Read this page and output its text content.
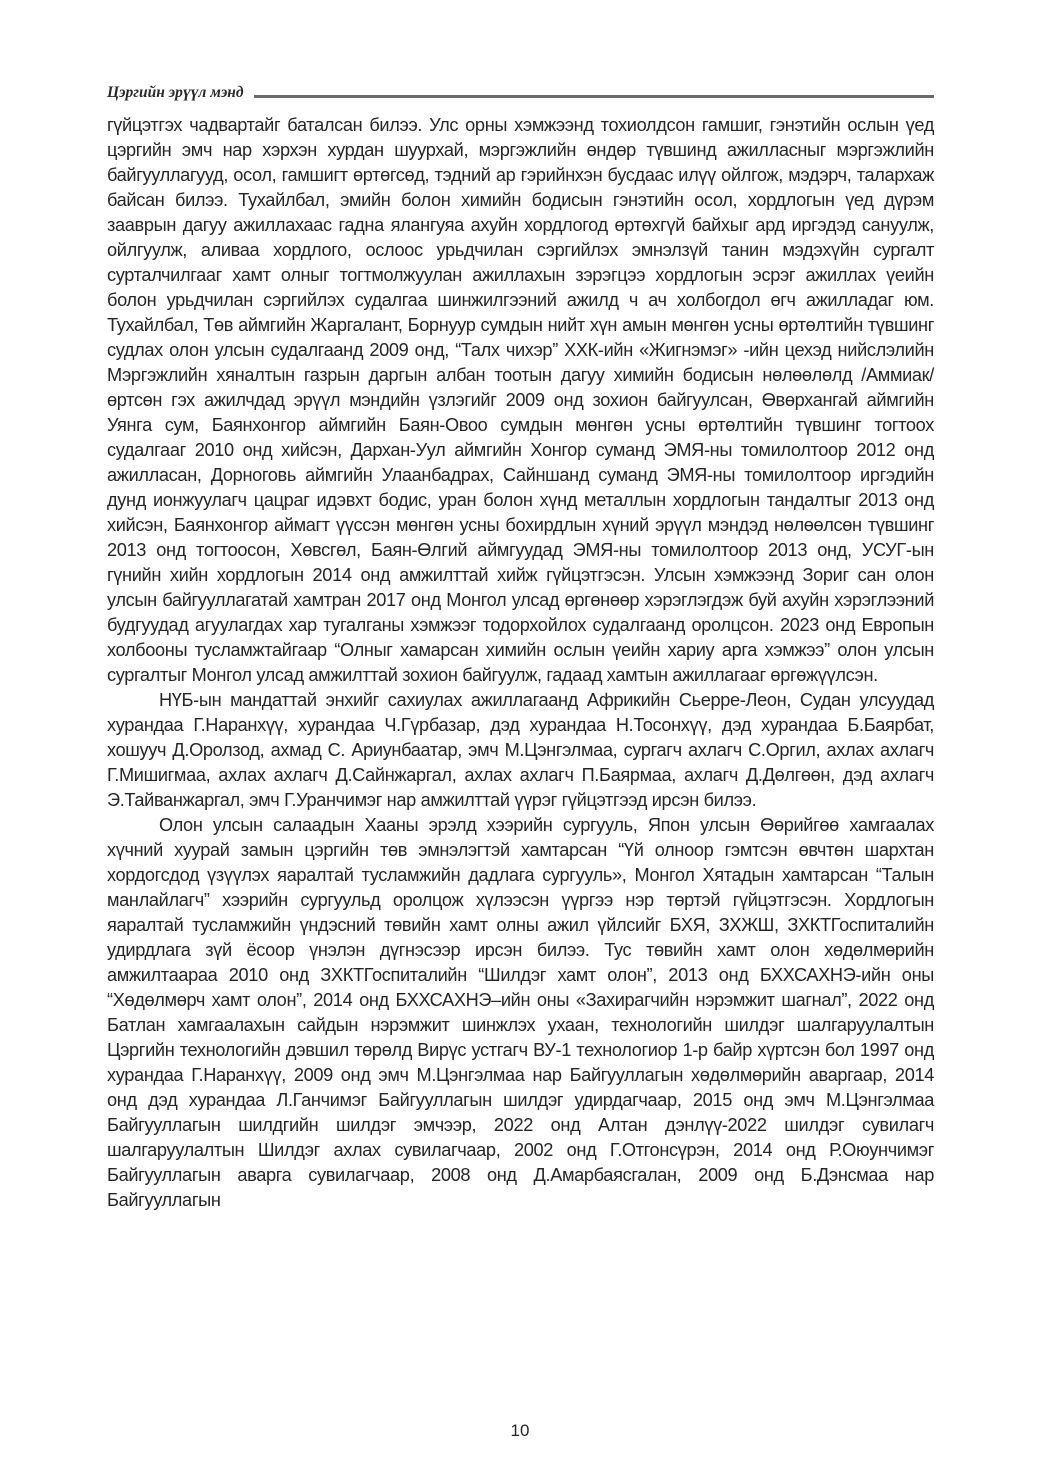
Цэргийн эрүүл мэнд

гүйцэтгэх чадвартайг баталсан билээ. Улс орны хэмжээнд тохиолдсон гамшиг, гэнэтийн ослын үед цэргийн эмч нар хэрхэн хурдан шуурхай, мэргэжлийн өндөр түвшинд ажилласныг мэргэжлийн байгууллагууд, осол, гамшигт өртөгсөд, тэдний ар гэрийнхэн бусдаас илүү ойлгож, мэдэрч, талархаж байсан билээ. Тухайлбал, эмийн болон химийн бодисын гэнэтийн осол, хордлогын үед дүрэм зааврын дагуу ажиллахаас гадна ялангуяа ахуйн хордлогод өртөхгүй байхыг ард иргэдэд сануулж, ойлгуулж, аливаа хордлого, ослоос урьдчилан сэргийлэх эмнэлзүй танин мэдэхүйн сургалт сурталчилгааг хамт олныг тогтмолжуулан ажиллахын зэрэгцээ хордлогын эсрэг ажиллах үеийн болон урьдчилан сэргийлэх судалгаа шинжилгээний ажилд ч ач холбогдол өгч ажилладаг юм. Тухайлбал, Төв аймгийн Жаргалант, Борнуур сумдын нийт хүн амын мөнгөн усны өртөлтийн түвшинг судлах олон улсын судалгаанд 2009 онд, “Талх чихэр” ХХК-ийн «Жигнэмэг» -ийн цехэд нийслэлийн Мэргэжлийн хяналтын газрын даргын албан тоотын дагуу химийн бодисын нөлөөлөлд /Аммиак/ өртсөн гэх ажилчдад эрүүл мэндийн үзлэгийг 2009 онд зохион байгуулсан, Өвөрхангай аймгийн Уянга сум, Баянхонгор аймгийн Баян-Овоо сумдын мөнгөн усны өртөлтийн түвшинг тогтоох судалгааг 2010 онд хийсэн, Дархан-Уул аймгийн Хонгор суманд ЭМЯ-ны томилолтоор 2012 онд ажилласан, Дорноговь аймгийн Улаанбадрах, Сайншанд суманд ЭМЯ-ны томилолтоор иргэдийн дунд ионжуулагч цацраг идэвхт бодис, уран болон хүнд металлын хордлогын тандалтыг 2013 онд хийсэн, Баянхонгор аймагт үүссэн мөнгөн усны бохирдлын хүний эрүүл мэндэд нөлөөлсөн түвшинг 2013 онд тогтоосон, Хөвсгөл, Баян-Өлгий аймгуудад ЭМЯ-ны томилолтоор 2013 онд, УСУГ-ын гүнийн хийн хордлогын 2014 онд амжилттай хийж гүйцэтгэсэн. Улсын хэмжээнд Зориг сан олон улсын байгууллагатай хамтран 2017 онд Монгол улсад өргөнөөр хэрэглэгдэж буй ахуйн хэрэглээний будгуудад агуулагдах хар тугалганы хэмжээг тодорхойлох судалгаанд оролцсон. 2023 онд Европын холбооны тусламжтайгаар “Олныг хамарсан химийн ослын үеийн хариу арга хэмжээ” олон улсын сургалтыг Монгол улсад амжилттай зохион байгуулж, гадаад хамтын ажиллагааг өргөжүүлсэн.

НҮБ-ын мандаттай энхийг сахиулах ажиллагаанд Африкийн Сьерре-Леон, Судан улсуудад хурандаа Г.Наранхүү, хурандаа Ч.Гүрбазар, дэд хурандаа Н.Тосонхүү, дэд хурандаа Б.Баярбат, хошууч Д.Оролзод, ахмад С. Ариунбаатар, эмч М.Цэнгэлмаа, сургагч ахлагч С.Оргил, ахлах ахлагч Г.Мишигмаа, ахлах ахлагч Д.Сайнжаргал, ахлах ахлагч П.Баярмаа, ахлагч Д.Дөлгөөн, дэд ахлагч Э.Тайванжаргал, эмч Г.Уранчимэг нар амжилттай үүрэг гүйцэтгээд ирсэн билээ.

Олон улсын салаадын Хааны эрэлд хээрийн сургууль, Япон улсын Өөрийгөө хамгаалах хүчний хуурай замын цэргийн төв эмнэлэгтэй хамтарсан “Үй олноор гэмтсэн өвчтөн шархтан хордогсдод үзүүлэх яаралтай тусламжийн дадлага сургууль», Монгол Хятадын хамтарсан “Талын манлайлагч” хээрийн сургуульд оролцож хүлээсэн үүргээ нэр төртэй гүйцэтгэсэн. Хордлогын яаралтай тусламжийн үндэсний төвийн хамт олны ажил үйлсийг БХЯ, ЗХЖШ, ЗХКТГоспиталийн удирдлага зүй ёсоор үнэлэн дүгнэсээр ирсэн билээ. Тус төвийн хамт олон хөдөлмөрийн амжилтаараа 2010 онд ЗХКТГоспиталийн “Шилдэг хамт олон”, 2013 онд БХХСАХНЭ-ийн оны “Хөдөлмөрч хамт олон”, 2014 онд БХХСАХНЭ–ийн оны «Захирагчийн нэрэмжит шагнал”, 2022 онд Батлан хамгаалахын сайдын нэрэмжит шинжлэх ухаан, технологийн шилдэг шалгаруулалтын Цэргийн технологийн дэвшил төрөлд Вирүс устгагч ВУ-1 технологиор 1-р байр хүртсэн бол 1997 онд хурандаа Г.Наранхүү, 2009 онд эмч М.Цэнгэлмаа нар Байгууллагын хөдөлмөрийн аваргаар, 2014 онд дэд хурандаа Л.Ганчимэг Байгууллагын шилдэг удирдагчаар, 2015 онд эмч М.Цэнгэлмаа Байгууллагын шилдгийн шилдэг эмчээр, 2022 онд Алтан дэнлүү-2022 шилдэг сувилагч шалгаруулалтын Шилдэг ахлах сувилагчаар, 2002 онд Г.Отгонсүрэн, 2014 онд Р.Оюунчимэг Байгууллагын аварга сувилагчаар, 2008 онд Д.Амарбаясгалан, 2009 онд Б.Дэнсмаа нар Байгууллагын

10
